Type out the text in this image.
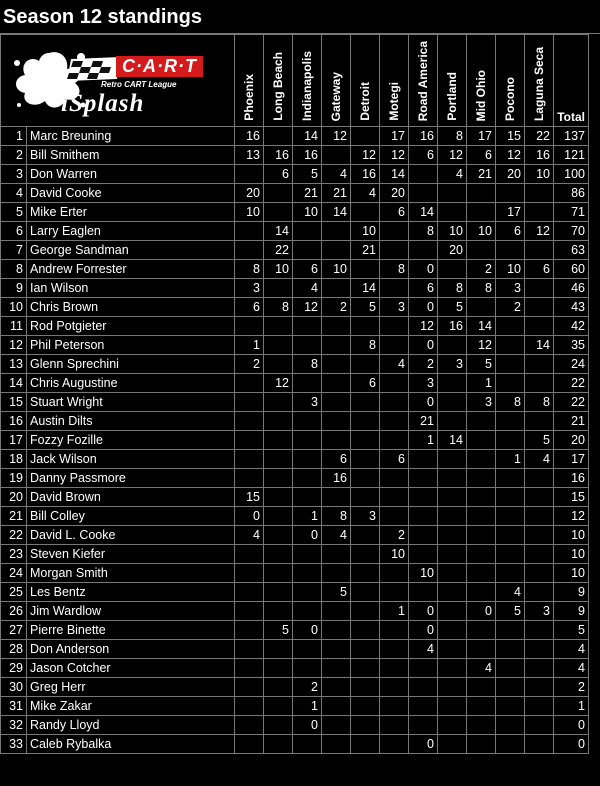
Season 12 standings
C·A·R·T
Retro CART League
iSplash		Phoenix	Long Beach	Indianapolis	Gateway	Detroit	Motegi	Road America	Portland	Mid Ohio	Pocono	Laguna Seca	Total
1	Marc Breuning	16		14	12		17	16	8	17	15	22	137
2	Bill Smithem	13	16	16		12	12	6	12	6	12	16	121
3	Don Warren		6	5	4	16	14		4	21	20	10	100
4	David Cooke	20		21	21	4	20						86
5	Mike Erter	10		10	14		6	14			17		71
6	Larry Eaglen		14			10		8	10	10	6	12	70
7	George Sandman		22			21			20				63
8	Andrew Forrester	8	10	6	10		8	0		2	10	6	60
9	Ian Wilson	3		4		14		6	8	8	3		46
10	Chris Brown	6	8	12	2	5	3	0	5		2		43
11	Rod Potgieter							12	16	14			42
12	Phil Peterson	1				8		0		12		14	35
13	Glenn Sprechini	2		8			4	2	3	5			24
14	Chris Augustine		12			6		3		1			22
15	Stuart Wright			3				0		3	8	8	22
16	Austin Dilts							21					21
17	Fozzy Fozille							1	14			5	20
18	Jack Wilson				6		6				1	4	17
19	Danny Passmore				16								16
20	David Brown	15											15
21	Bill Colley	0		1	8	3							12
22	David L. Cooke	4		0	4		2						10
23	Steven Kiefer						10						10
24	Morgan Smith							10					10
25	Les Bentz				5						4		9
26	Jim Wardlow						1	0		0	5	3	9
27	Pierre Binette		5	0				0					5
28	Don Anderson							4					4
29	Jason Cotcher									4			4
30	Greg Herr			2									2
31	Mike Zakar			1									1
32	Randy Lloyd			0									0
33	Caleb Rybalka							0					0
